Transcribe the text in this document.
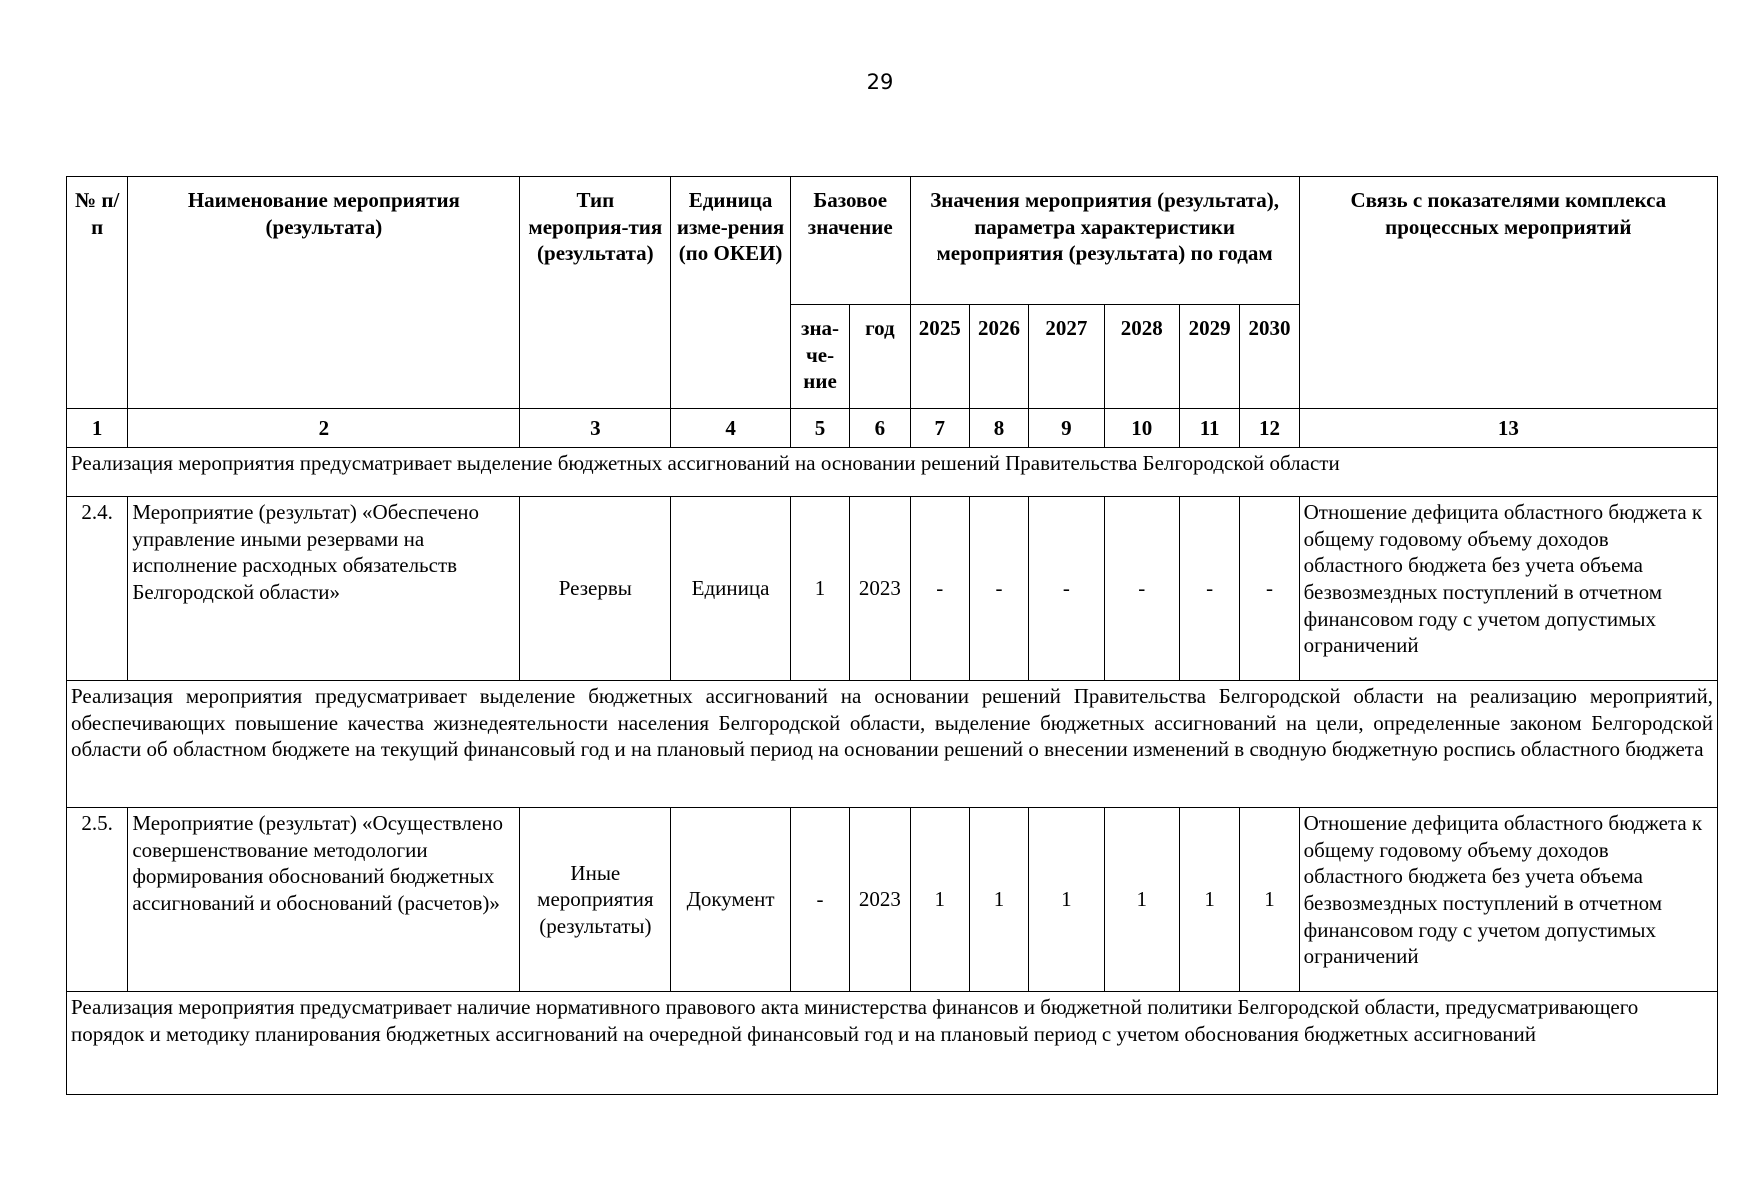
29
№ п/п	Наименование мероприятия (результата)	Тип мероприя-тия (результата)	Единица изме-рения (по ОКЕИ)	Базовое значение		Значения мероприятия (результата), параметра характеристики мероприятия (результата) по годам						Связь с показателями комплекса процессных мероприятий
				зна-че-ние	год	2025	2026	2027	2028	2029	2030	
1	2	3	4	5	6	7	8	9	10	11	12	13
Реализация мероприятия предусматривает выделение бюджетных ассигнований на основании решений Правительства Белгородской области												
2.4.	Мероприятие (результат) «Обеспечено управление иными резервами на исполнение расходных обязательств Белгородской области»	Резервы	Единица	1	2023	-	-	-	-	-	-	Отношение дефицита областного бюджета к общему годовому объему доходов областного бюджета без учета объема безвозмездных поступлений в отчетном финансовом году с учетом допустимых ограничений
Реализация мероприятия предусматривает выделение бюджетных ассигнований на основании решений Правительства Белгородской области на реализацию мероприятий, обеспечивающих повышение качества жизнедеятельности населения Белгородской области, выделение бюджетных ассигнований на цели, определенные законом Белгородской области об областном бюджете на текущий финансовый год и на плановый период на основании решений о внесении изменений в сводную бюджетную роспись областного бюджета												
2.5.	Мероприятие (результат) «Осуществлено совершенствование методологии формирования обоснований бюджетных ассигнований и обоснований (расчетов)»	Иные мероприятия (результаты)	Документ	-	2023	1	1	1	1	1	1	Отношение дефицита областного бюджета к общему годовому объему доходов областного бюджета без учета объема безвозмездных поступлений в отчетном финансовом году с учетом допустимых ограничений
Реализация мероприятия предусматривает наличие нормативного правового акта министерства финансов и бюджетной политики Белгородской области, предусматривающего порядок и методику планирования бюджетных ассигнований на очередной финансовый год и на плановый период с учетом обоснования бюджетных ассигнований												
